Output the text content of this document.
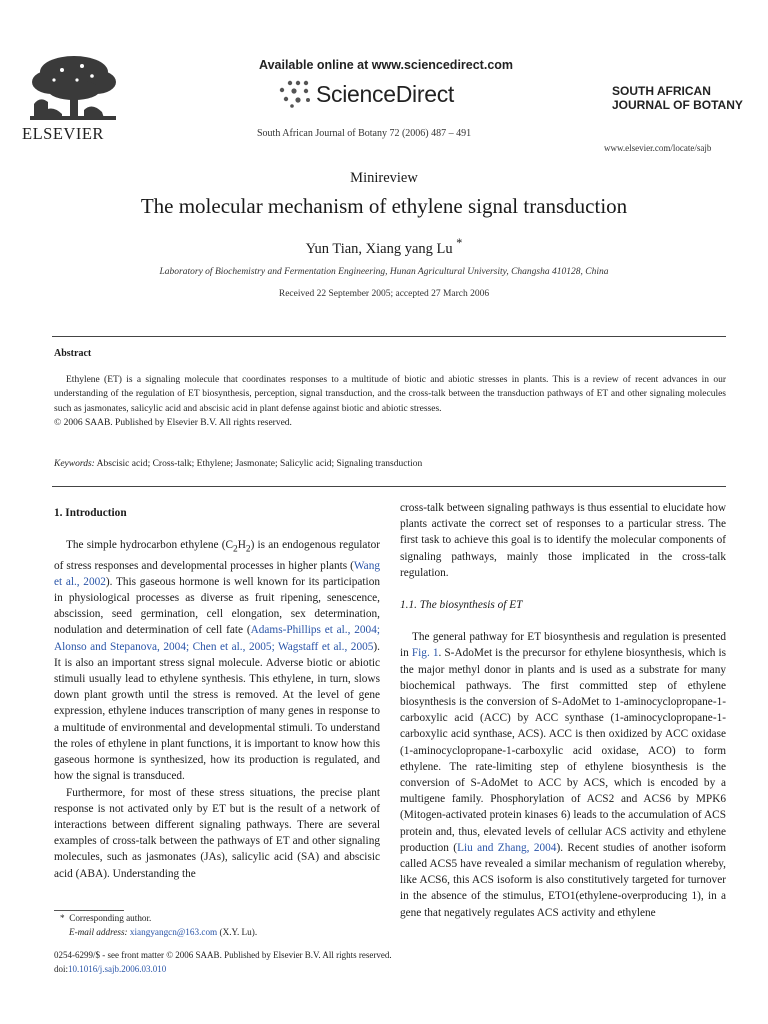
ELSEVIER
Available online at www.sciencedirect.com
ScienceDirect
South African Journal of Botany 72 (2006) 487 – 491
SOUTH AFRICAN
JOURNAL OF BOTANY
www.elsevier.com/locate/sajb
Minireview
The molecular mechanism of ethylene signal transduction
Yun Tian, Xiang yang Lu *
Laboratory of Biochemistry and Fermentation Engineering, Hunan Agricultural University, Changsha 410128, China
Received 22 September 2005; accepted 27 March 2006
Abstract
Ethylene (ET) is a signaling molecule that coordinates responses to a multitude of biotic and abiotic stresses in plants. This is a review of recent advances in our understanding of the regulation of ET biosynthesis, perception, signal transduction, and the cross-talk between the transduction pathways of ET and other signaling molecules such as jasmonates, salicylic acid and abscisic acid in plant defense against biotic and abiotic stresses.
© 2006 SAAB. Published by Elsevier B.V. All rights reserved.
Keywords: Abscisic acid; Cross-talk; Ethylene; Jasmonate; Salicylic acid; Signaling transduction

1. Introduction

The simple hydrocarbon ethylene $(C_2H_2)$ is an endogenous regulator of stress responses and developmental processes in higher plants (Wang et al., 2002). This gaseous hormone is well known for its participation in physiological processes as diverse as fruit ripening, senescence, abscission, seed germination, cell elongation, sex determination, nodulation and determination of cell fate (Adams-Phillips et al., 2004; Alonso and Stepanova, 2004; Chen et al., 2005; Wagstaff et al., 2005). It is also an important stress signal molecule. Adverse biotic or abiotic stimuli usually lead to ethylene synthesis. This ethylene, in turn, slows down plant growth until the stress is removed. At the level of gene expression, ethylene induces transcription of many genes in response to a multitude of environmental and developmental stimuli. To understand the roles of ethylene in plant functions, it is important to know how this gaseous hormone is synthesized, how its production is regulated, and how the signal is transduced.

Furthermore, for most of these stress situations, the precise plant response is not activated only by ET but is the result of a network of interactions between different signaling pathways. There are several examples of cross-talk between the pathways of ET and other signaling molecules, such as jasmonates (JAs), salicylic acid (SA) and abscisic acid (ABA). Understanding the

cross-talk between signaling pathways is thus essential to elucidate how plants activate the correct set of responses to a particular stress. The first task to achieve this goal is to identify the molecular components of signaling pathways, mainly those implicated in the cross-talk regulation.

1.1. The biosynthesis of ET

The general pathway for ET biosynthesis and regulation is presented in Fig. 1. S-AdoMet is the precursor for ethylene biosynthesis, which is the major methyl donor in plants and is used as a substrate for many biochemical pathways. The first committed step of ethylene biosynthesis is the conversion of S-AdoMet to 1-aminocyclopropane-1-carboxylic acid (ACC) by ACC synthase (1-aminocyclopropane-1-carboxylic acid synthase, ACS). ACC is then oxidized by ACC oxidase (1-aminocyclopropane-1-carboxylic acid oxidase, ACO) to form ethylene. The rate-limiting step of ethylene biosynthesis is the conversion of S-AdoMet to ACC by ACS, which is encoded by a multigene family. Phosphorylation of ACS2 and ACS6 by MPK6 (Mitogen-activated protein kinases 6) leads to the accumulation of ACS protein and, thus, elevated levels of cellular ACS activity and ethylene production (Liu and Zhang, 2004). Recent studies of another isoform called ACS5 have revealed a similar mechanism of regulation whereby, like ACS6, this ACS isoform is also constitutively targeted for turnover in the absence of the stimulus, ETO1(ethylene-overproducing 1), in a gene that negatively regulates ACS activity and ethylene

* Corresponding author.
E-mail address: xiangyangcn@163.com (X.Y. Lu).
0254-6299/$ - see front matter © 2006 SAAB. Published by Elsevier B.V. All rights reserved.
doi:10.1016/j.sajb.2006.03.010
